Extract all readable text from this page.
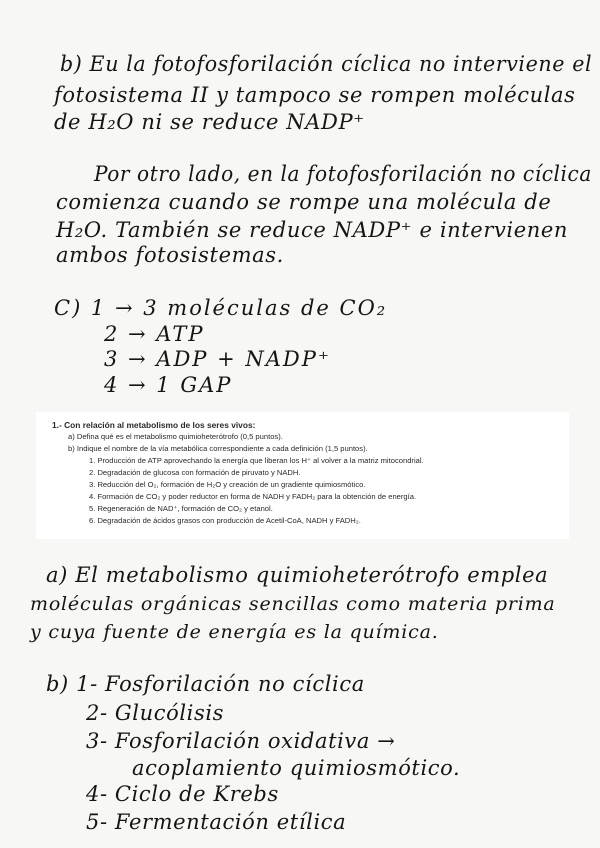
b) Eu la fotofosforilación cíclica no interviene el

fotosistema II y tampoco se rompen moléculas

de H₂O ni se reduce NADP⁺

Por otro lado, en la fotofosforilación no cíclica

comienza cuando se rompe una molécula de

H₂O. También se reduce NADP⁺ e intervienen

ambos fotosistemas.

C) 1 → 3 moléculas de CO₂

2 → ATP

3 → ADP + NADP⁺

4 → 1 GAP

1.- Con relación al metabolismo de los seres vivos:
a) Defina qué es el metabolismo quimioheterótrofo (0,5 puntos).
b) Indique el nombre de la vía metabólica correspondiente a cada definición (1,5 puntos).
1. Producción de ATP aprovechando la energía que liberan los H⁺ al volver a la matriz mitocondrial.
2. Degradación de glucosa con formación de piruvato y NADH.
3. Reducción del O₂, formación de H₂O y creación de un gradiente quimiosmótico.
4. Formación de CO₂ y poder reductor en forma de NADH y FADH₂ para la obtención de energía.
5. Regeneración de NAD⁺, formación de CO₂ y etanol.
6. Degradación de ácidos grasos con producción de Acetil-CoA, NADH y FADH₂.

a) El metabolismo quimioheterótrofo emplea

moléculas orgánicas sencillas como materia prima

y cuya fuente de energía es la química.

b) 1- Fosforilación no cíclica

2- Glucólisis

3- Fosforilación oxidativa →

acoplamiento quimiosmótico.

4- Ciclo de Krebs

5- Fermentación etílica
